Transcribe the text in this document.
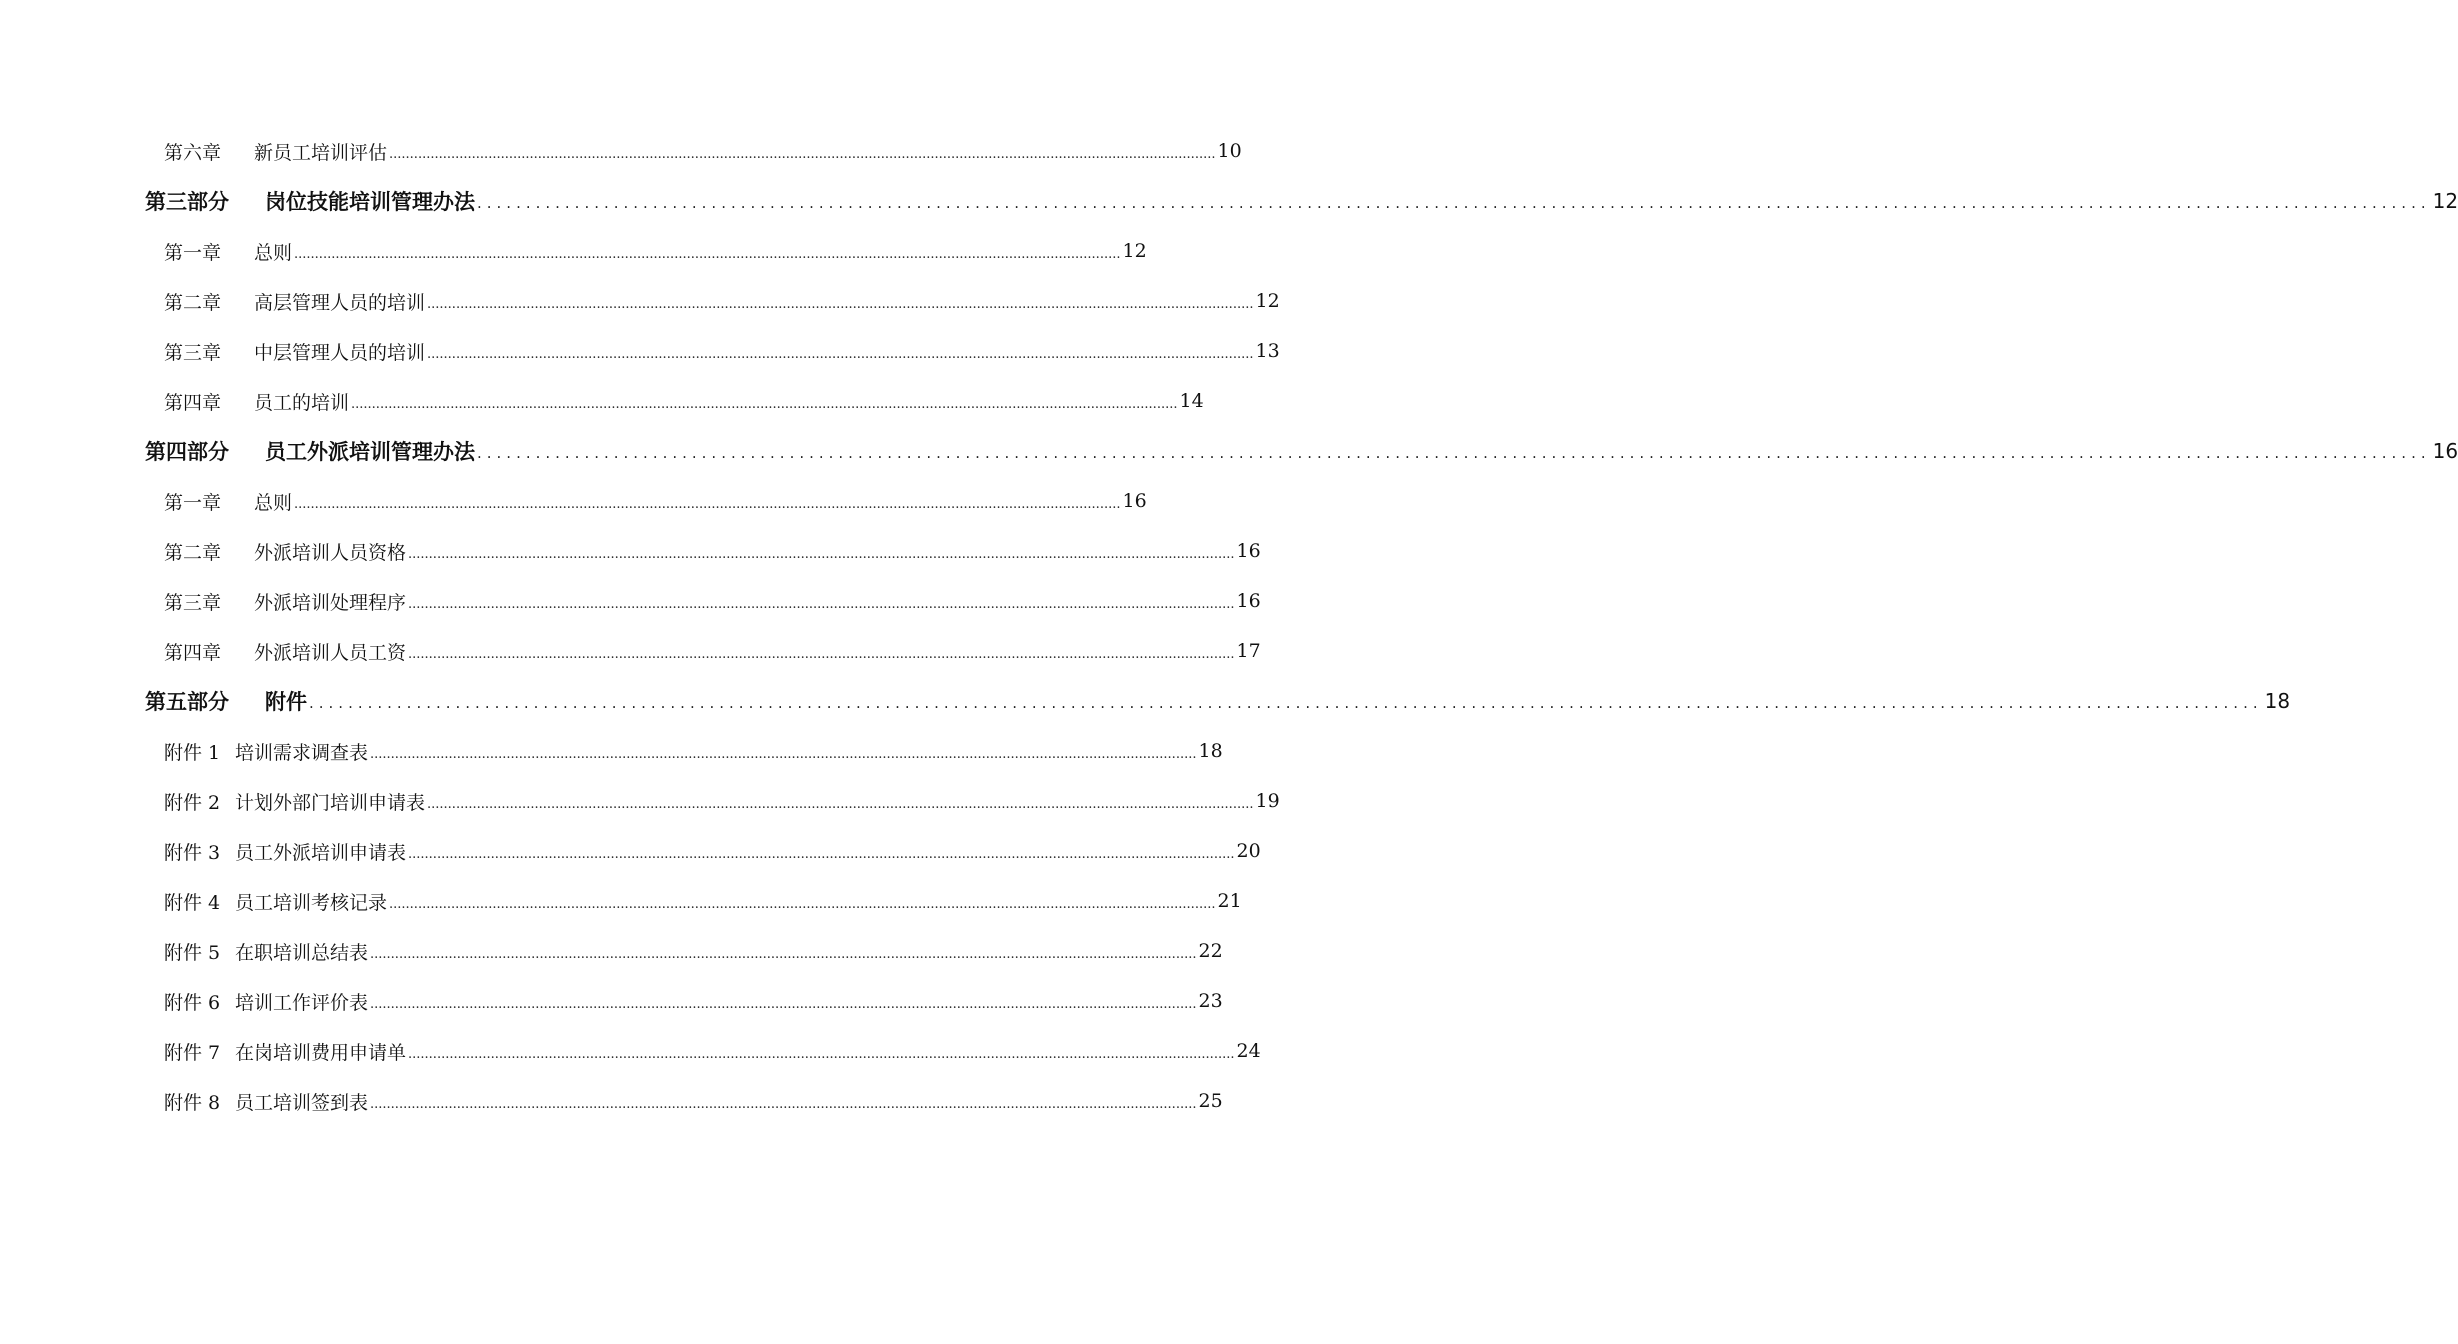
第六章	新员工培训评估 ........................................................................................................................................................................................................ 10
第三部分	岗位技能培训管理办法 ........................................................................................................................................................................................................ 12
第一章	总则 ........................................................................................................................................................................................................ 12
第二章	高层管理人员的培训 ........................................................................................................................................................................................................ 12
第三章	中层管理人员的培训 ........................................................................................................................................................................................................ 13
第四章	员工的培训 ........................................................................................................................................................................................................ 14
第四部分	员工外派培训管理办法 ........................................................................................................................................................................................................ 16
第一章	总则 ........................................................................................................................................................................................................ 16
第二章	外派培训人员资格 ........................................................................................................................................................................................................ 16
第三章	外派培训处理程序 ........................................................................................................................................................................................................ 16
第四章	外派培训人员工资 ........................................................................................................................................................................................................ 17
第五部分	附件 ........................................................................................................................................................................................................ 18
附件 1 培训需求调查表 ........................................................................................................................................................................................................ 18
附件 2 计划外部门培训申请表 ........................................................................................................................................................................................................ 19
附件 3 员工外派培训申请表 ........................................................................................................................................................................................................ 20
附件 4 员工培训考核记录 ........................................................................................................................................................................................................ 21
附件 5 在职培训总结表 ........................................................................................................................................................................................................ 22
附件 6 培训工作评价表 ........................................................................................................................................................................................................ 23
附件 7 在岗培训费用申请单 ........................................................................................................................................................................................................ 24
附件 8 员工培训签到表 ........................................................................................................................................................................................................ 25
